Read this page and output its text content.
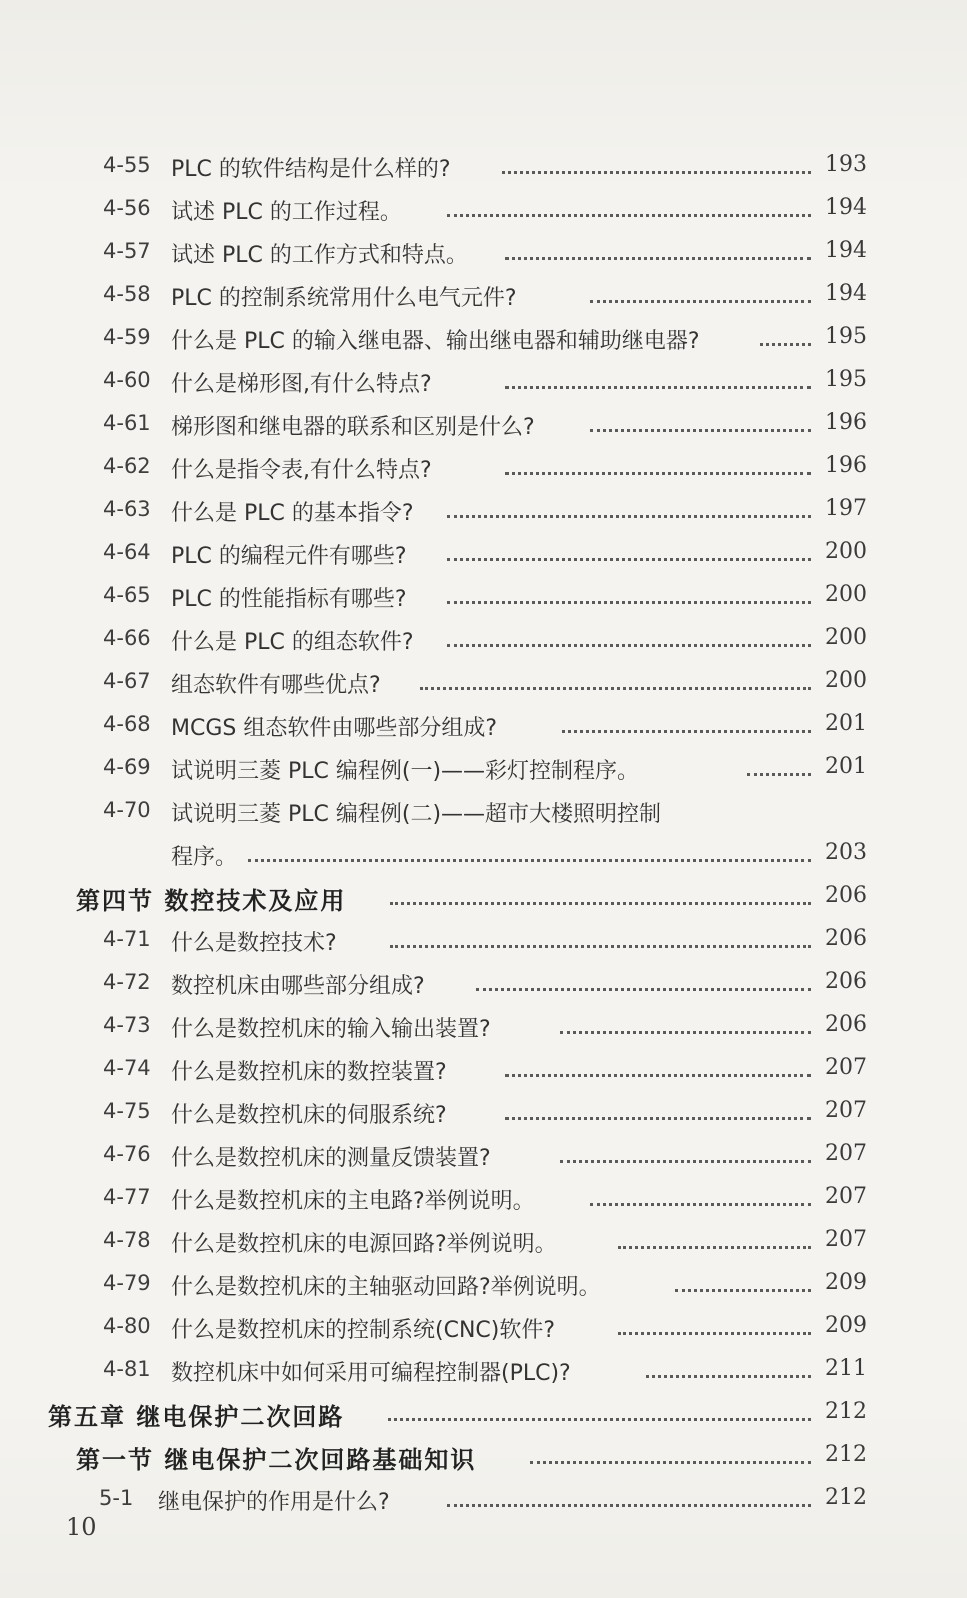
4-55 PLC 的软件结构是什么样的?	193
4-56 试述 PLC 的工作过程。	194
4-57 试述 PLC 的工作方式和特点。	194
4-58 PLC 的控制系统常用什么电气元件?	194
4-59 什么是 PLC 的输入继电器、输出继电器和辅助继电器?	195
4-60 什么是梯形图,有什么特点?	195
4-61 梯形图和继电器的联系和区别是什么?	196
4-62 什么是指令表,有什么特点?	196
4-63 什么是 PLC 的基本指令?	197
4-64 PLC 的编程元件有哪些?	200
4-65 PLC 的性能指标有哪些?	200
4-66 什么是 PLC 的组态软件?	200
4-67 组态软件有哪些优点?	200
4-68 MCGS 组态软件由哪些部分组成?	201
4-69 试说明三菱 PLC 编程例(一)——彩灯控制程序。	201
4-70 试说明三菱 PLC 编程例(二)——超市大楼照明控制
程序。	203
第四节 数控技术及应用	206
4-71 什么是数控技术?	206
4-72 数控机床由哪些部分组成?	206
4-73 什么是数控机床的输入输出装置?	206
4-74 什么是数控机床的数控装置?	207
4-75 什么是数控机床的伺服系统?	207
4-76 什么是数控机床的测量反馈装置?	207
4-77 什么是数控机床的主电路?举例说明。	207
4-78 什么是数控机床的电源回路?举例说明。	207
4-79 什么是数控机床的主轴驱动回路?举例说明。	209
4-80 什么是数控机床的控制系统(CNC)软件?	209
4-81 数控机床中如何采用可编程控制器(PLC)?	211
第五章 继电保护二次回路	212
第一节 继电保护二次回路基础知识	212
5-1 继电保护的作用是什么?	212
10
